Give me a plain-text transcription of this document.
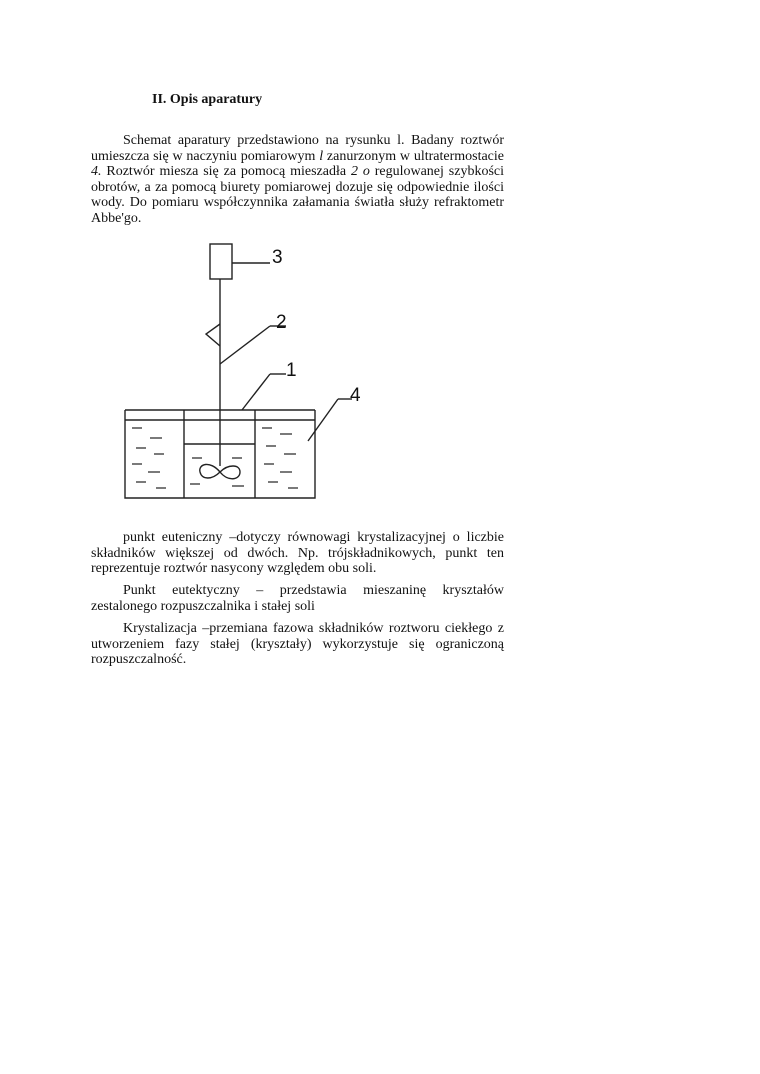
II. Opis aparatury

Schemat aparatury przedstawiono na rysunku l. Badany roztwór umieszcza się w naczyniu pomiarowym l zanurzonym w ultratermostacie 4. Roztwór miesza się za pomocą mieszadła 2 o regulowanej szybkości obrotów, a za pomocą biurety pomiarowej dozuje się odpowiednie ilości wody. Do pomiaru współczynnika załamania światła służy refraktometr Abbe'go.

3
2
1
4

punkt euteniczny –dotyczy równowagi krystalizacyjnej o liczbie składników większej od dwóch. Np. trójskładnikowych, punkt ten reprezentuje roztwór nasycony względem obu soli.

Punkt eutektyczny – przedstawia mieszaninę kryształów zestalonego rozpuszczalnika i stałej soli

Krystalizacja –przemiana fazowa składników roztworu ciekłego z utworzeniem fazy stałej (kryształy) wykorzystuje się ograniczoną rozpuszczalność.
